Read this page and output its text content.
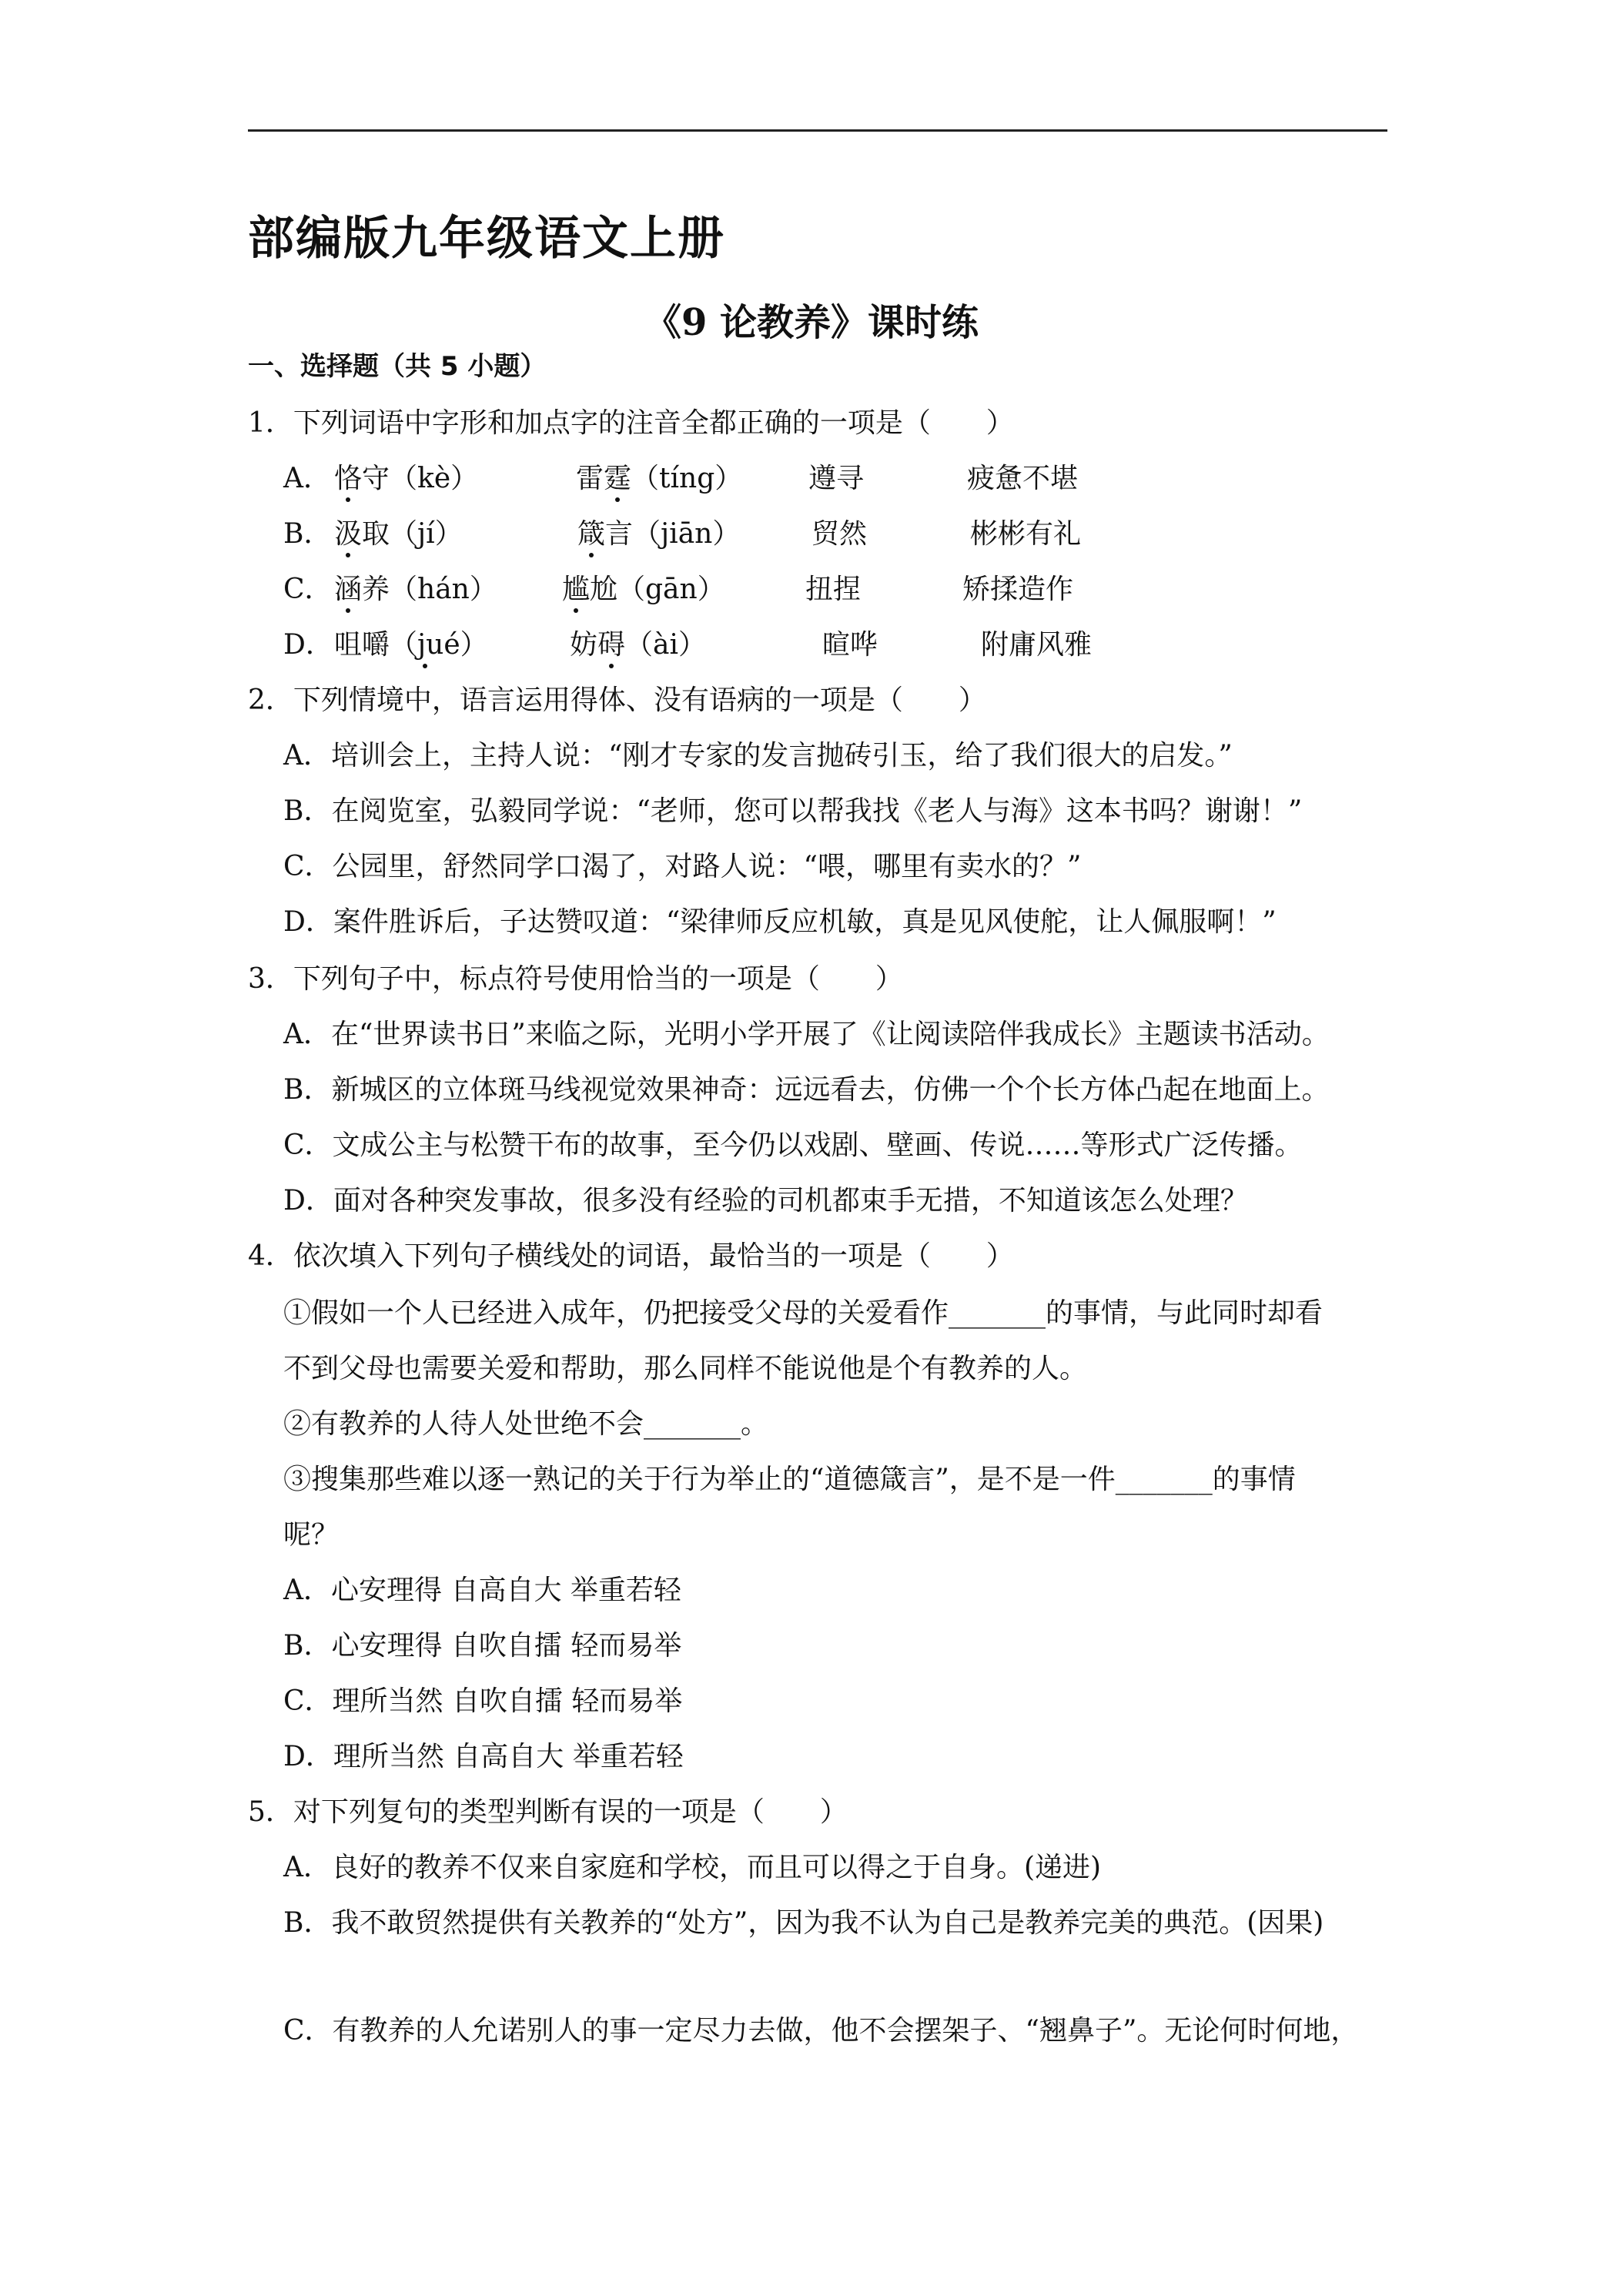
部编版九年级语文上册
《9 论教养》课时练
一、选择题（共 5 小题）
1．下列词语中字形和加点字的注音全都正确的一项是（　　）
A． 恪守（kè）	雷霆（tíng） 遵寻	疲惫不堪
B． 汲取（jí）	箴言（jiān）	贸然	彬彬有礼
C． 涵养（hán） 尴尬（gān）	扭捏	矫揉造作
D． 咀嚼（jué）	妨碍（ài）	暄哗	附庸风雅
2．下列情境中，语言运用得体、没有语病的一项是（　　）
A．培训会上，主持人说：“刚才专家的发言抛砖引玉，给了我们很大的启发。”
B．在阅览室，弘毅同学说：“老师，您可以帮我找《老人与海》这本书吗？谢谢！”
C．公园里，舒然同学口渴了，对路人说：“喂，哪里有卖水的？”
D．案件胜诉后，子达赞叹道：“梁律师反应机敏，真是见风使舵，让人佩服啊！”
3．下列句子中，标点符号使用恰当的一项是（　　）
A．在“世界读书日”来临之际，光明小学开展了《让阅读陪伴我成长》主题读书活动。
B．新城区的立体斑马线视觉效果神奇：远远看去，仿佛一个个长方体凸起在地面上。
C．文成公主与松赞干布的故事，至今仍以戏剧、壁画、传说……等形式广泛传播。
D．面对各种突发事故，很多没有经验的司机都束手无措，不知道该怎么处理？
4．依次填入下列句子横线处的词语，最恰当的一项是（　　）
①假如一个人已经进入成年，仍把接受父母的关爱看作_______的事情，与此同时却看
不到父母也需要关爱和帮助，那么同样不能说他是个有教养的人。
②有教养的人待人处世绝不会_______。
③搜集那些难以逐一熟记的关于行为举止的“道德箴言”，是不是一件_______的事情
呢？
A．心安理得 自高自大 举重若轻
B．心安理得 自吹自擂 轻而易举
C．理所当然 自吹自擂 轻而易举
D．理所当然 自高自大 举重若轻
5．对下列复句的类型判断有误的一项是（　　）
A．良好的教养不仅来自家庭和学校，而且可以得之于自身。(递进)
B．我不敢贸然提供有关教养的“处方”，因为我不认为自己是教养完美的典范。(因果)
C．有教养的人允诺别人的事一定尽力去做，他不会摆架子、“翘鼻子”。无论何时何地，
